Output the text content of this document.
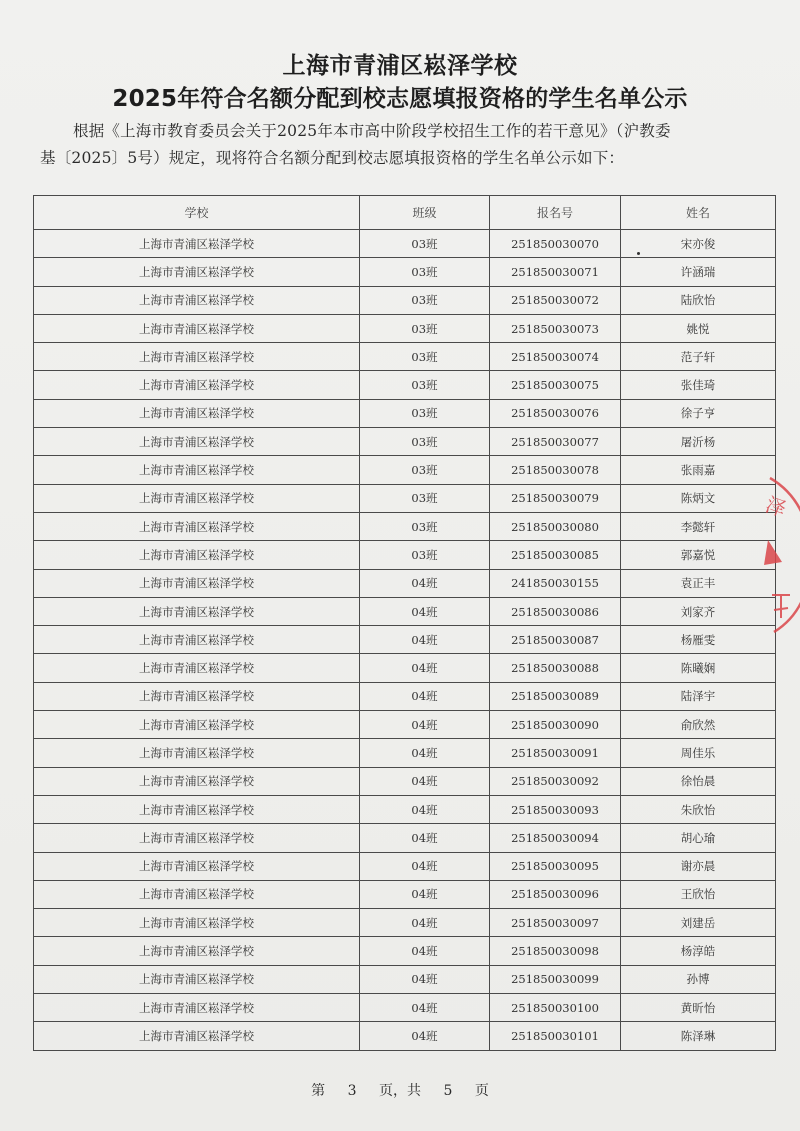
上海市青浦区崧泽学校
2025年符合名额分配到校志愿填报资格的学生名单公示
根据《上海市教育委员会关于2025年本市高中阶段学校招生工作的若干意见》（沪教委
基〔2025〕5号）规定，现将符合名额分配到校志愿填报资格的学生名单公示如下：
学校	班级	报名号	姓名
上海市青浦区崧泽学校	03班	251850030070	宋亦俊
上海市青浦区崧泽学校	03班	251850030071	许涵瑞
上海市青浦区崧泽学校	03班	251850030072	陆欣怡
上海市青浦区崧泽学校	03班	251850030073	姚悦
上海市青浦区崧泽学校	03班	251850030074	范子轩
上海市青浦区崧泽学校	03班	251850030075	张佳琦
上海市青浦区崧泽学校	03班	251850030076	徐子亨
上海市青浦区崧泽学校	03班	251850030077	屠沂杨
上海市青浦区崧泽学校	03班	251850030078	张雨嘉
上海市青浦区崧泽学校	03班	251850030079	陈炳文
上海市青浦区崧泽学校	03班	251850030080	李懿轩
上海市青浦区崧泽学校	03班	251850030085	郭嘉悦
上海市青浦区崧泽学校	04班	241850030155	袁正丰
上海市青浦区崧泽学校	04班	251850030086	刘家齐
上海市青浦区崧泽学校	04班	251850030087	杨雁雯
上海市青浦区崧泽学校	04班	251850030088	陈曦娴
上海市青浦区崧泽学校	04班	251850030089	陆泽宇
上海市青浦区崧泽学校	04班	251850030090	俞欣然
上海市青浦区崧泽学校	04班	251850030091	周佳乐
上海市青浦区崧泽学校	04班	251850030092	徐怡晨
上海市青浦区崧泽学校	04班	251850030093	朱欣怡
上海市青浦区崧泽学校	04班	251850030094	胡心瑜
上海市青浦区崧泽学校	04班	251850030095	谢亦晨
上海市青浦区崧泽学校	04班	251850030096	王欣怡
上海市青浦区崧泽学校	04班	251850030097	刘建岳
上海市青浦区崧泽学校	04班	251850030098	杨淳皓
上海市青浦区崧泽学校	04班	251850030099	孙博
上海市青浦区崧泽学校	04班	251850030100	黄昕怡
上海市青浦区崧泽学校	04班	251850030101	陈泽琳
泽
第 3 页，共 5 页
